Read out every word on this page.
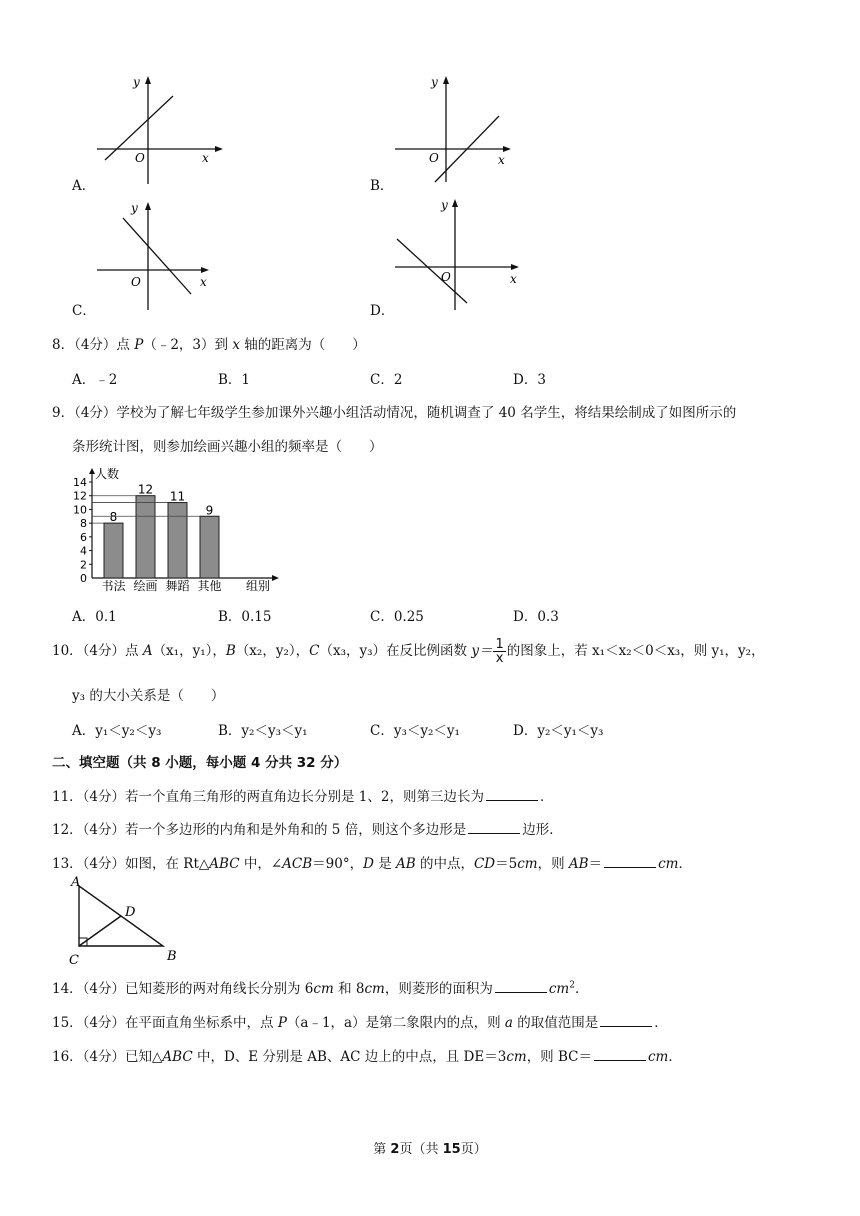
O	x
y
A．
O	x
y
B．
O	x
y
C．
O	x
y
D．
8．（4分）点 P（﹣2，3）到 x 轴的距离为（　　）
A．﹣2	B．1	C．2	D．3
9．（4分）学校为了解七年级学生参加课外兴趣小组活动情况，随机调查了 40 名学生，将结果绘制成了如图所示的
条形统计图，则参加绘画兴趣小组的频率是（　　）
0
2
4
6
8
10
12
14
8
书法
12
绘画
11
舞蹈
9
其他
人数
组别
A．0.1	B．0.15	C．0.25	D．0.3
10．（4分）点 A（x₁，y₁），B（x₂，y₂），C（x₃，y₃）在反比例函数 $y= \frac{1}{x}$ 的图象上，若 x₁＜x₂＜0＜x₃，则 y₁，y₂，
y₃ 的大小关系是（　　）
A．y₁＜y₂＜y₃	B．y₂＜y₃＜y₁	C．y₃＜y₂＜y₁	D．y₂＜y₁＜y₃
二、填空题（共 8 小题，每小题 4 分共 32 分）
11．（4分）若一个直角三角形的两直角边长分别是 1、2，则第三边长为	．
12．（4分）若一个多边形的内角和是外角和的 5 倍，则这个多边形是	边形．
13．（4分）如图，在 Rt△ABC 中，∠ACB＝90°，D 是 AB 的中点，CD＝5cm，则 AB＝	cm．
A
D
C	B
14．（4分）已知菱形的两对角线长分别为 6cm 和 8cm，则菱形的面积为	$cm^2$．
15．（4分）在平面直角坐标系中，点 P（a﹣1，a）是第二象限内的点，则 a 的取值范围是	．
16．（4分）已知△ABC 中，D、E 分别是 AB、AC 边上的中点，且 DE＝3cm，则 BC＝	cm．
第 2页（共 15页）
